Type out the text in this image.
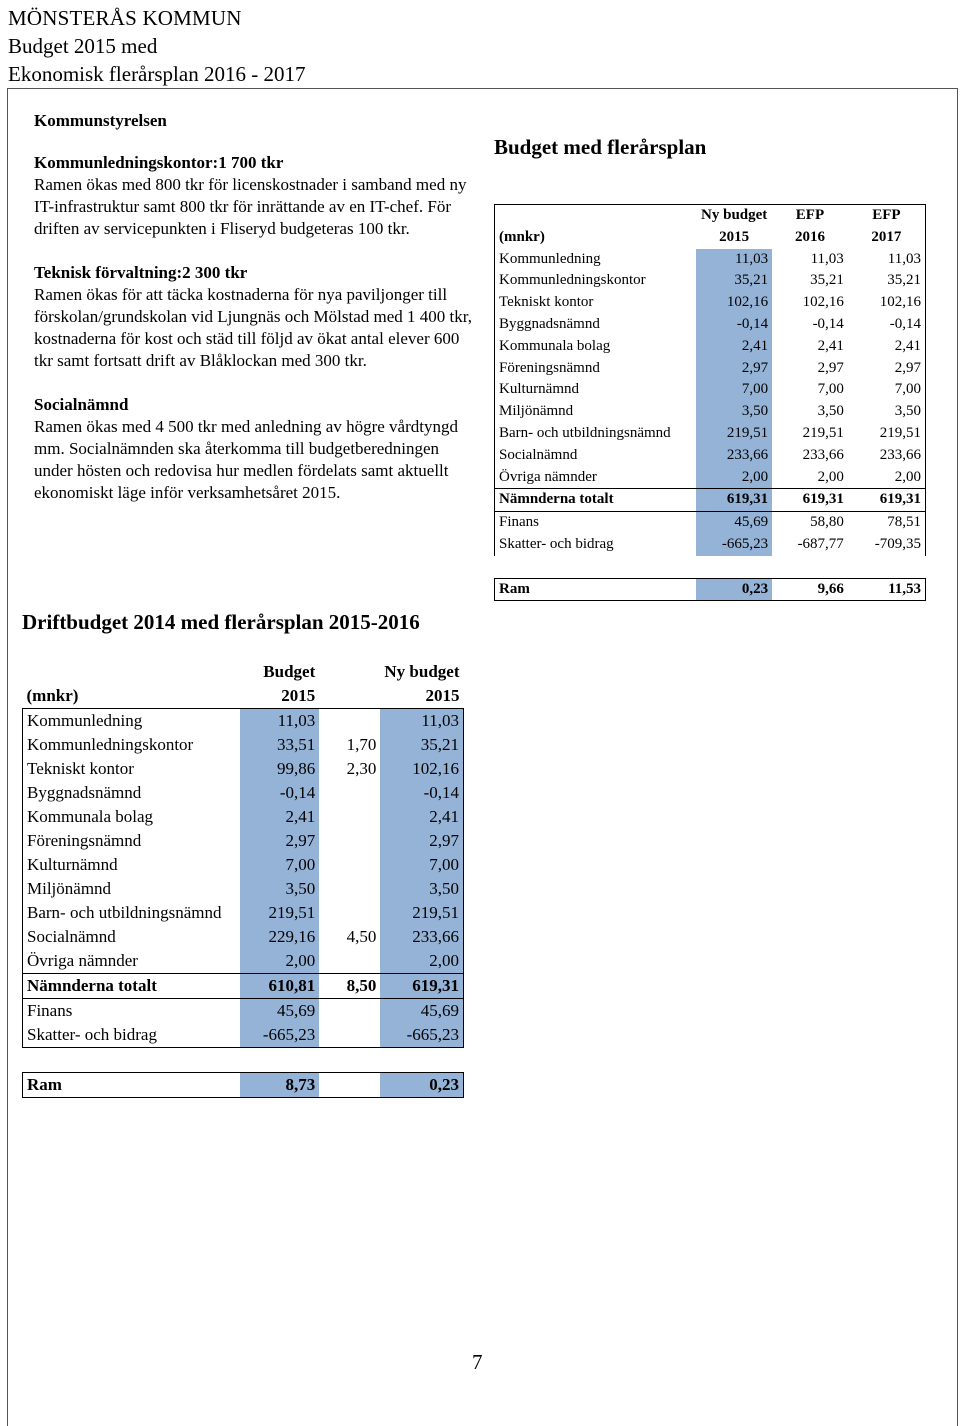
MÖNSTERÅS KOMMUN
Budget 2015 med
Ekonomisk flerårsplan 2016 - 2017

Kommunstyrelsen

Kommunledningskontor:1 700 tkr
Ramen ökas med 800 tkr för licenskostnader i samband med ny IT-infrastruktur samt 800 tkr för inrättande av en IT-chef. För driften av servicepunkten i Fliseryd budgeteras 100 tkr.

Teknisk förvaltning:2 300 tkr
Ramen ökas för att täcka kostnaderna för nya paviljonger till förskolan/grundskolan vid Ljungnäs och Mölstad med 1 400 tkr, kostnaderna för kost och städ till följd av ökat antal elever 600 tkr samt fortsatt drift av Blåklockan med 300 tkr.

Socialnämnd
Ramen ökas med 4 500 tkr med anledning av högre vårdtyngd mm. Socialnämnden ska återkomma till budgetberedningen under hösten och redovisa hur medlen fördelats samt aktuellt ekonomiskt läge inför verksamhetsåret 2015.

Budget med flerårsplan
	Ny budget	EFP	EFP
(mnkr)	2015	2016	2017
Kommunledning	11,03	11,03	11,03
Kommunledningskontor	35,21	35,21	35,21
Tekniskt kontor	102,16	102,16	102,16
Byggnadsnämnd	-0,14	-0,14	-0,14
Kommunala bolag	2,41	2,41	2,41
Föreningsnämnd	2,97	2,97	2,97
Kulturnämnd	7,00	7,00	7,00
Miljönämnd	3,50	3,50	3,50
Barn- och utbildningsnämnd	219,51	219,51	219,51
Socialnämnd	233,66	233,66	233,66
Övriga nämnder	2,00	2,00	2,00
Nämnderna totalt	619,31	619,31	619,31
Finans	45,69	58,80	78,51
Skatter- och bidrag	-665,23	-687,77	-709,35

Ram	0,23	9,66	11,53
Driftbudget 2014 med flerårsplan 2015-2016
	Budget		Ny budget
(mnkr)	2015		2015
Kommunledning	11,03		11,03
Kommunledningskontor	33,51	1,70	35,21
Tekniskt kontor	99,86	2,30	102,16
Byggnadsnämnd	-0,14		-0,14
Kommunala bolag	2,41		2,41
Föreningsnämnd	2,97		2,97
Kulturnämnd	7,00		7,00
Miljönämnd	3,50		3,50
Barn- och utbildningsnämnd	219,51		219,51
Socialnämnd	229,16	4,50	233,66
Övriga nämnder	2,00		2,00
Nämnderna totalt	610,81	8,50	619,31
Finans	45,69		45,69
Skatter- och bidrag	-665,23		-665,23

Ram	8,73		0,23
7
